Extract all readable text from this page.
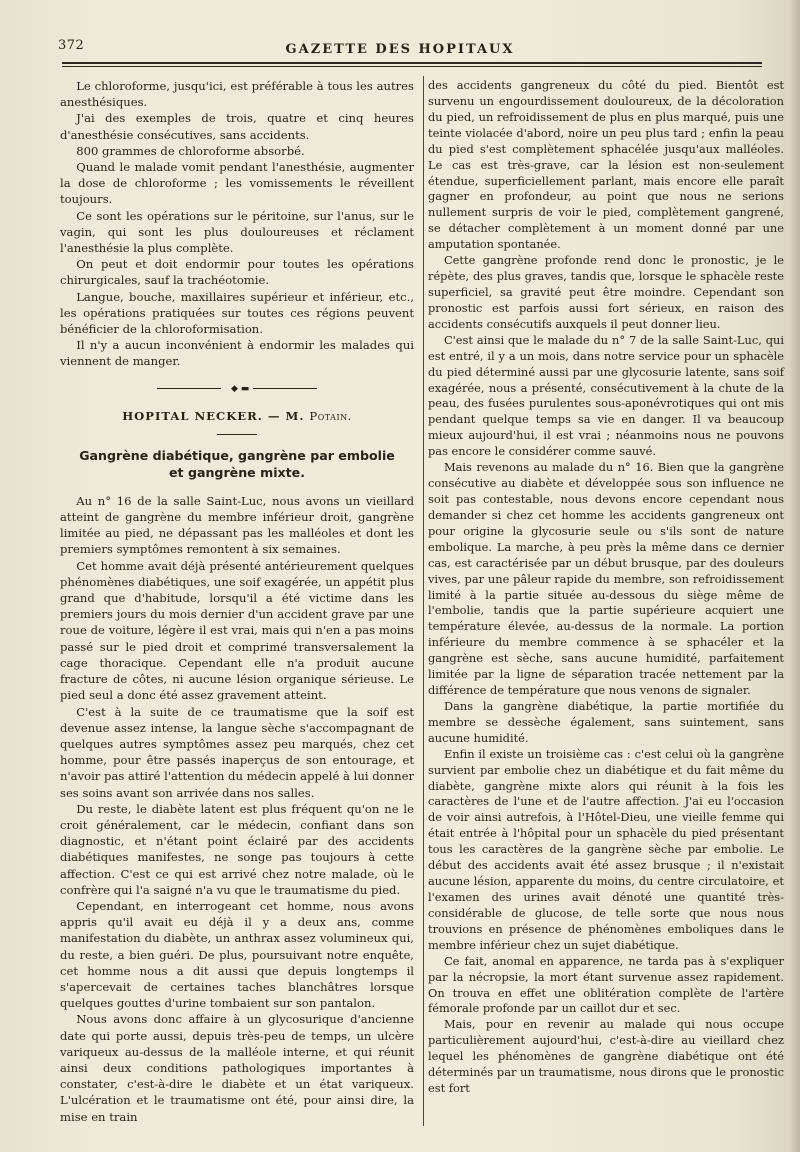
372	GAZETTE DES HOPITAUX

Le chloroforme, jusqu'ici, est préférable à tous les autres anesthésiques.

J'ai des exemples de trois, quatre et cinq heures d'anesthésie consécutives, sans accidents.

800 grammes de chloroforme absorbé.

Quand le malade vomit pendant l'anesthésie, augmenter la dose de chloroforme ; les vomissements le réveillent toujours.

Ce sont les opérations sur le péritoine, sur l'anus, sur le vagin, qui sont les plus douloureuses et réclament l'anesthésie la plus complète.

On peut et doit endormir pour toutes les opérations chirurgicales, sauf la trachéotomie.

Langue, bouche, maxillaires supérieur et inférieur, etc., les opérations pratiquées sur toutes ces régions peuvent bénéficier de la chloroformisation.

Il n'y a aucun inconvénient à endormir les malades qui viennent de manger.

◆ ▬
HOPITAL NECKER. — M. Potain.
Gangrène diabétique, gangrène par embolie
et gangrène mixte.

Au n° 16 de la salle Saint-Luc, nous avons un vieillard atteint de gangrène du membre inférieur droit, gangrène limitée au pied, ne dépassant pas les malléoles et dont les premiers symptômes remontent à six semaines.

Cet homme avait déjà présenté antérieurement quelques phénomènes diabétiques, une soif exagérée, un appétit plus grand que d'habitude, lorsqu'il a été victime dans les premiers jours du mois dernier d'un accident grave par une roue de voiture, légère il est vrai, mais qui n'en a pas moins passé sur le pied droit et comprimé transversalement la cage thoracique. Cependant elle n'a produit aucune fracture de côtes, ni aucune lésion organique sérieuse. Le pied seul a donc été assez gravement atteint.

C'est à la suite de ce traumatisme que la soif est devenue assez intense, la langue sèche s'accompagnant de quelques autres symptômes assez peu marqués, chez cet homme, pour être passés inaperçus de son entourage, et n'avoir pas attiré l'attention du médecin appelé à lui donner ses soins avant son arrivée dans nos salles.

Du reste, le diabète latent est plus fréquent qu'on ne le croit généralement, car le médecin, confiant dans son diagnostic, et n'étant point éclairé par des accidents diabétiques manifestes, ne songe pas toujours à cette affection. C'est ce qui est arrivé chez notre malade, où le confrère qui l'a saigné n'a vu que le traumatisme du pied.

Cependant, en interrogeant cet homme, nous avons appris qu'il avait eu déjà il y a deux ans, comme manifestation du diabète, un anthrax assez volumineux qui, du reste, a bien guéri. De plus, poursuivant notre enquête, cet homme nous a dit aussi que depuis longtemps il s'apercevait de certaines taches blanchâtres lorsque quelques gouttes d'urine tombaient sur son pantalon.

Nous avons donc affaire à un glycosurique d'ancienne date qui porte aussi, depuis très-peu de temps, un ulcère variqueux au-dessus de la malléole interne, et qui réunit ainsi deux conditions pathologiques importantes à constater, c'est-à-dire le diabète et un état variqueux. L'ulcération et le traumatisme ont été, pour ainsi dire, la mise en train

des accidents gangreneux du côté du pied. Bientôt est survenu un engourdissement douloureux, de la décoloration du pied, un refroidissement de plus en plus marqué, puis une teinte violacée d'abord, noire un peu plus tard ; enfin la peau du pied s'est complètement sphacélée jusqu'aux malléoles. Le cas est très-grave, car la lésion est non-seulement étendue, superficiellement parlant, mais encore elle paraît gagner en profondeur, au point que nous ne serions nullement surpris de voir le pied, complètement gangrené, se détacher complètement à un moment donné par une amputation spontanée.

Cette gangrène profonde rend donc le pronostic, je le répète, des plus graves, tandis que, lorsque le sphacèle reste superficiel, sa gravité peut être moindre. Cependant son pronostic est parfois aussi fort sérieux, en raison des accidents consécutifs auxquels il peut donner lieu.

C'est ainsi que le malade du n° 7 de la salle Saint-Luc, qui est entré, il y a un mois, dans notre service pour un sphacèle du pied déterminé aussi par une glycosurie latente, sans soif exagérée, nous a présenté, consécutivement à la chute de la peau, des fusées purulentes sous-aponévrotiques qui ont mis pendant quelque temps sa vie en danger. Il va beaucoup mieux aujourd'hui, il est vrai ; néanmoins nous ne pouvons pas encore le considérer comme sauvé.

Mais revenons au malade du n° 16. Bien que la gangrène consécutive au diabète et développée sous son influence ne soit pas contestable, nous devons encore cependant nous demander si chez cet homme les accidents gangreneux ont pour origine la glycosurie seule ou s'ils sont de nature embolique. La marche, à peu près la même dans ce dernier cas, est caractérisée par un début brusque, par des douleurs vives, par une pâleur rapide du membre, son refroidissement limité à la partie située au-dessous du siège même de l'embolie, tandis que la partie supérieure acquiert une température élevée, au-dessus de la normale. La portion inférieure du membre commence à se sphacéler et la gangrène est sèche, sans aucune humidité, parfaitement limitée par la ligne de séparation tracée nettement par la différence de température que nous venons de signaler.

Dans la gangrène diabétique, la partie mortifiée du membre se dessèche également, sans suintement, sans aucune humidité.

Enfin il existe un troisième cas : c'est celui où la gangrène survient par embolie chez un diabétique et du fait même du diabète, gangrène mixte alors qui réunit à la fois les caractères de l'une et de l'autre affection. J'ai eu l'occasion de voir ainsi autrefois, à l'Hôtel-Dieu, une vieille femme qui était entrée à l'hôpital pour un sphacèle du pied présentant tous les caractères de la gangrène sèche par embolie. Le début des accidents avait été assez brusque ; il n'existait aucune lésion, apparente du moins, du centre circulatoire, et l'examen des urines avait dénoté une quantité très-considérable de glucose, de telle sorte que nous nous trouvions en présence de phénomènes emboliques dans le membre inférieur chez un sujet diabétique.

Ce fait, anomal en apparence, ne tarda pas à s'expliquer par la nécropsie, la mort étant survenue assez rapidement. On trouva en effet une oblitération complète de l'artère fémorale profonde par un caillot dur et sec.

Mais, pour en revenir au malade qui nous occupe particulièrement aujourd'hui, c'est-à-dire au vieillard chez lequel les phénomènes de gangrène diabétique ont été déterminés par un traumatisme, nous dirons que le pronostic est fort
